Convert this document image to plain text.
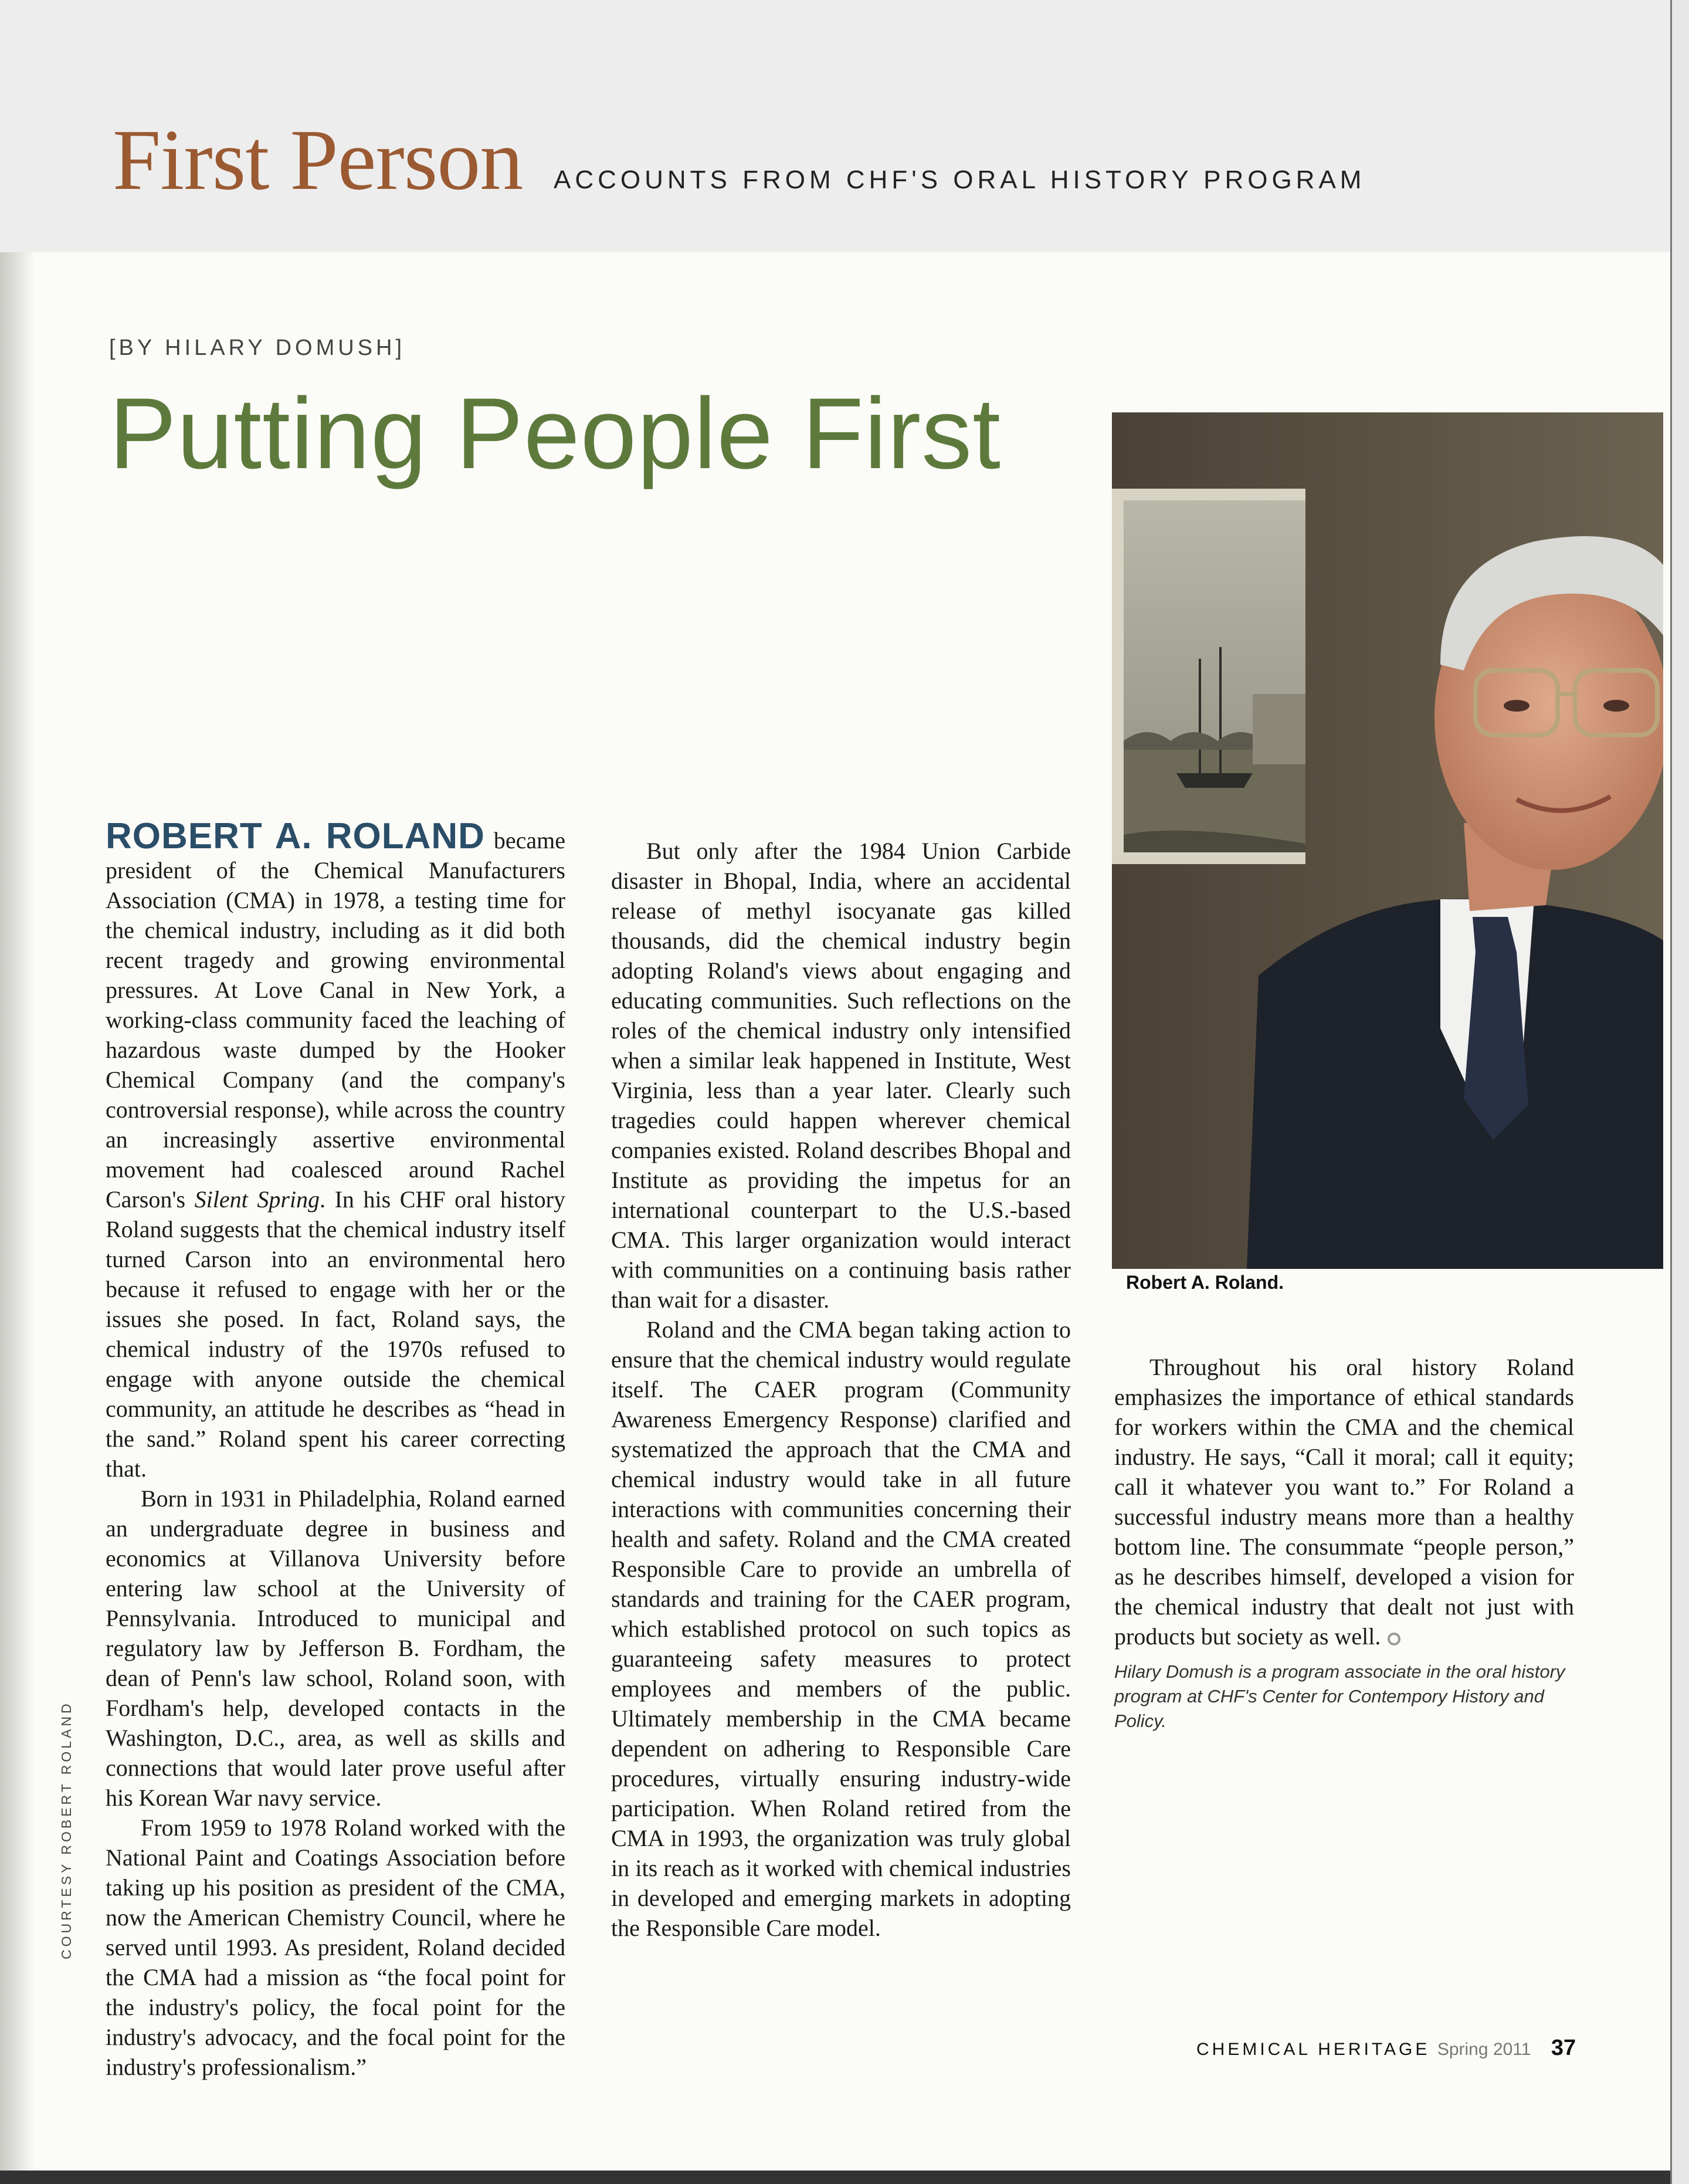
First Person ACCOUNTS FROM CHF'S ORAL HISTORY PROGRAM
[BY HILARY DOMUSH]
Putting People First
Robert A. Roland.

ROBERT A. ROLAND became president of the Chemical Manufacturers Association (CMA) in 1978, a testing time for the chemical industry, including as it did both recent tragedy and growing environmental pressures. At Love Canal in New York, a working-class community faced the leaching of hazardous waste dumped by the Hooker Chemical Company (and the company's controversial response), while across the country an increasingly assertive environmental movement had coalesced around Rachel Carson's Silent Spring. In his CHF oral history Roland suggests that the chemical industry itself turned Carson into an environmental hero because it refused to engage with her or the issues she posed. In fact, Roland says, the chemical industry of the 1970s refused to engage with anyone outside the chemical community, an attitude he describes as “head in the sand.” Roland spent his career correcting that.

Born in 1931 in Philadelphia, Roland earned an undergraduate degree in business and economics at Villanova University before entering law school at the University of Pennsylvania. Introduced to municipal and regulatory law by Jefferson B. Fordham, the dean of Penn's law school, Roland soon, with Fordham's help, developed contacts in the Washington, D.C., area, as well as skills and connections that would later prove useful after his Korean War navy service.

From 1959 to 1978 Roland worked with the National Paint and Coatings Association before taking up his position as president of the CMA, now the American Chemistry Council, where he served until 1993. As president, Roland decided the CMA had a mission as “the focal point for the industry's policy, the focal point for the industry's advocacy, and the focal point for the industry's professionalism.”

But only after the 1984 Union Carbide disaster in Bhopal, India, where an accidental release of methyl isocyanate gas killed thousands, did the chemical industry begin adopting Roland's views about engaging and educating communities. Such reflections on the roles of the chemical industry only intensified when a similar leak happened in Institute, West Virginia, less than a year later. Clearly such tragedies could happen wherever chemical companies existed. Roland describes Bhopal and Institute as providing the impetus for an international counterpart to the U.S.-based CMA. This larger organization would interact with communities on a continuing basis rather than wait for a disaster.

Roland and the CMA began taking action to ensure that the chemical industry would regulate itself. The CAER program (Community Awareness Emergency Response) clarified and systematized the approach that the CMA and chemical industry would take in all future interactions with communities concerning their health and safety. Roland and the CMA created Responsible Care to provide an umbrella of standards and training for the CAER program, which established protocol on such topics as guaranteeing safety measures to protect employees and members of the public. Ultimately membership in the CMA became dependent on adhering to Responsible Care procedures, virtually ensuring industry-wide participation. When Roland retired from the CMA in 1993, the organization was truly global in its reach as it worked with chemical industries in developed and emerging markets in adopting the Responsible Care model.

Throughout his oral history Roland emphasizes the importance of ethical standards for workers within the CMA and the chemical industry. He says, “Call it moral; call it equity; call it whatever you want to.” For Roland a successful industry means more than a healthy bottom line. The consummate “people person,” as he describes himself, developed a vision for the chemical industry that dealt not just with products but society as well.

Hilary Domush is a program associate in the oral history program at CHF's Center for Contempory History and Policy.

COURTESY ROBERT ROLAND
CHEMICAL HERITAGE Spring 2011 37
